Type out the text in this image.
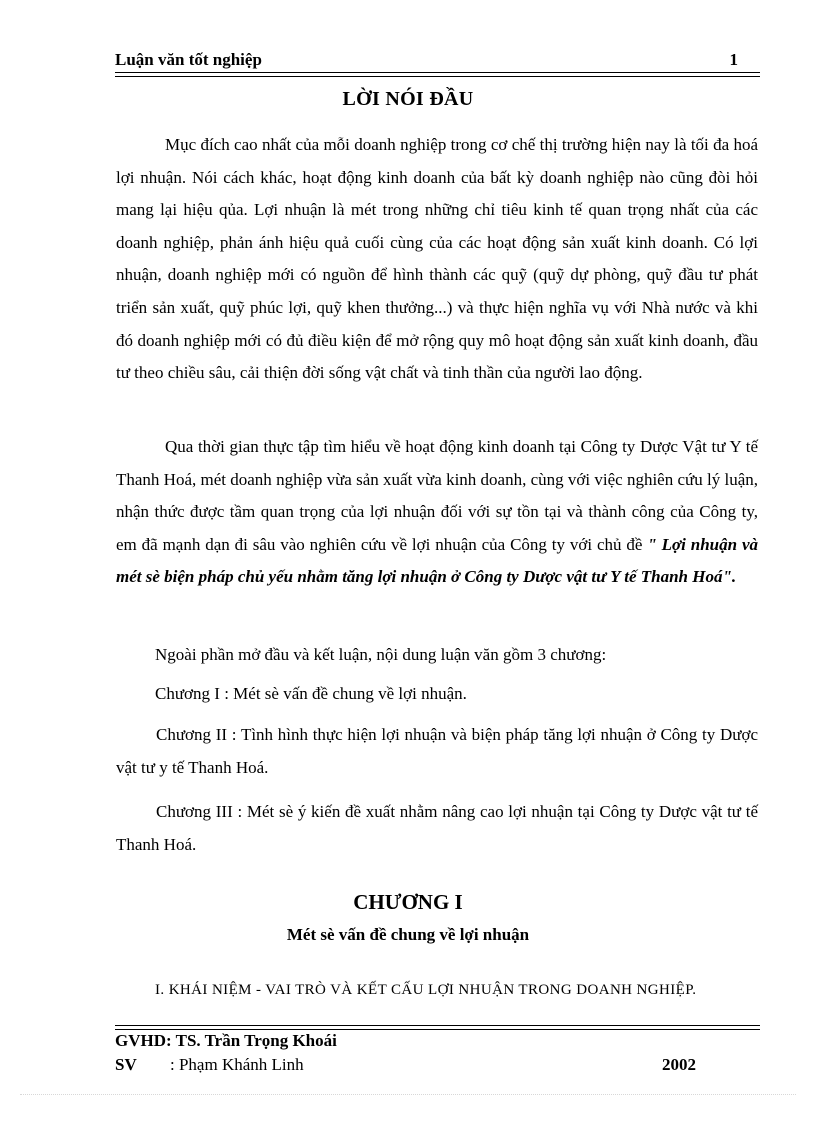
Luận văn tốt nghiệp	1
LỜI NÓI ĐẦU

Mục đích cao nhất của mỗi doanh nghiệp trong cơ chế thị trường hiện nay là tối đa hoá lợi nhuận. Nói cách khác, hoạt động kinh doanh của bất kỳ doanh nghiệp nào cũng đòi hỏi mang lại hiệu qủa. Lợi nhuận là mét trong những chỉ tiêu kinh tế quan trọng nhất của các doanh nghiệp, phản ánh hiệu quả cuối cùng của các hoạt động sản xuất kinh doanh. Có lợi nhuận, doanh nghiệp mới có nguồn để hình thành các quỹ (quỹ dự phòng, quỹ đầu tư phát triển sản xuất, quỹ phúc lợi, quỹ khen thưởng...) và thực hiện nghĩa vụ với Nhà nước và khi đó doanh nghiệp mới có đủ điều kiện để mở rộng quy mô hoạt động sản xuất kinh doanh, đầu tư theo chiều sâu, cải thiện đời sống vật chất và tinh thần của người lao động.

Qua thời gian thực tập tìm hiểu về hoạt động kinh doanh tại Công ty Dược Vật tư Y tế Thanh Hoá, mét doanh nghiệp vừa sản xuất vừa kinh doanh, cùng với việc nghiên cứu lý luận, nhận thức được tầm quan trọng của lợi nhuận đối với sự tồn tại và thành công của Công ty, em đã mạnh dạn đi sâu vào nghiên cứu về lợi nhuận của Công ty với chủ đề " Lợi nhuận và mét sè biện pháp chủ yếu nhằm tăng lợi nhuận ở Công ty Dược vật tư Y tế Thanh Hoá".

Ngoài phần mở đầu và kết luận, nội dung luận văn gồm 3 chương:

Chương I : Mét sè vấn đề chung về lợi nhuận.

Chương II : Tình hình thực hiện lợi nhuận và biện pháp tăng lợi nhuận ở Công ty Dược vật tư y tế Thanh Hoá.

Chương III : Mét sè ý kiến đề xuất nhằm nâng cao lợi nhuận tại Công ty Dược vật tư tế Thanh Hoá.

CHƯƠNG I
Mét sè vấn đề chung về lợi nhuận

I. KHÁI NIỆM - VAI TRÒ VÀ KẾT CẤU LỢI NHUẬN TRONG DOANH NGHIỆP.

GVHD: TS. Trần Trọng Khoái
SV : Phạm Khánh Linh	2002
